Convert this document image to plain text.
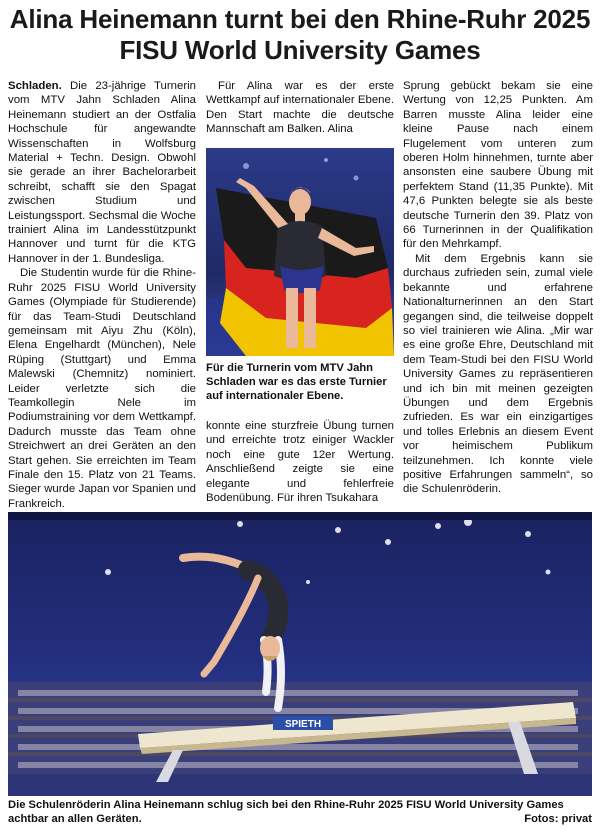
Alina Heinemann turnt bei den Rhine-Ruhr 2025 FISU World University Games

Schladen. Die 23-jährige Turnerin vom MTV Jahn Schladen Alina Heinemann studiert an der Ostfalia Hochschule für angewandte Wissenschaften in Wolfsburg Material + Techn. Design. Obwohl sie gerade an ihrer Bachelorarbeit schreibt, schafft sie den Spagat zwischen Studium und Leistungssport. Sechsmal die Woche trainiert Alina im Landesstützpunkt Hannover und turnt für die KTG Hannover in der 1. Bundesliga.

Die Studentin wurde für die Rhine-Ruhr 2025 FISU World University Games (Olympiade für Studierende) für das Team-Studi Deutschland gemeinsam mit Aiyu Zhu (Köln), Elena Engelhardt (München), Nele Rüping (Stuttgart) und Emma Malewski (Chemnitz) nominiert. Leider verletzte sich die Teamkollegin Nele im Podiumstraining vor dem Wettkampf. Dadurch musste das Team ohne Streichwert an drei Geräten an den Start gehen. Sie erreichten im Team Finale den 15. Platz von 21 Teams. Sieger wurde Japan vor Spanien und Frankreich.

Für Alina war es der erste Wettkampf auf internationaler Ebene. Den Start machte die deutsche Mannschaft am Balken. Alina

Für die Turnerin vom MTV Jahn Schladen war es das erste Turnier auf internationaler Ebene.

konnte eine sturzfreie Übung turnen und erreichte trotz einiger Wackler noch eine gute 12er Wertung. Anschließend zeigte sie eine elegante und fehlerfreie Bodenübung. Für ihren Tsukahara

Sprung gebückt bekam sie eine Wertung von 12,25 Punkten. Am Barren musste Alina leider eine kleine Pause nach einem Flugelement vom unteren zum oberen Holm hinnehmen, turnte aber ansonsten eine saubere Übung mit perfektem Stand (11,35 Punkte). Mit 47,6 Punkten belegte sie als beste deutsche Turnerin den 39. Platz von 66 Turnerinnen in der Qualifikation für den Mehrkampf.

Mit dem Ergebnis kann sie durchaus zufrieden sein, zumal viele bekannte und erfahrene Nationalturnerinnen an den Start gegangen sind, die teilweise doppelt so viel trainieren wie Alina. „Mir war es eine große Ehre, Deutschland mit dem Team-Studi bei den FISU World University Games zu repräsentieren und ich bin mit meinen gezeigten Übungen und dem Ergebnis zufrieden. Es war ein einzigartiges und tolles Erlebnis an diesem Event vor heimischem Publikum teilzunehmen. Ich konnte viele positive Erfahrungen sammeln“, so die Schulenröderin.

SPIETH
Die Schulenröderin Alina Heinemann schlug sich bei den Rhine-Ruhr 2025 FISU World University Games achtbar an allen Geräten.	Fotos: privat
